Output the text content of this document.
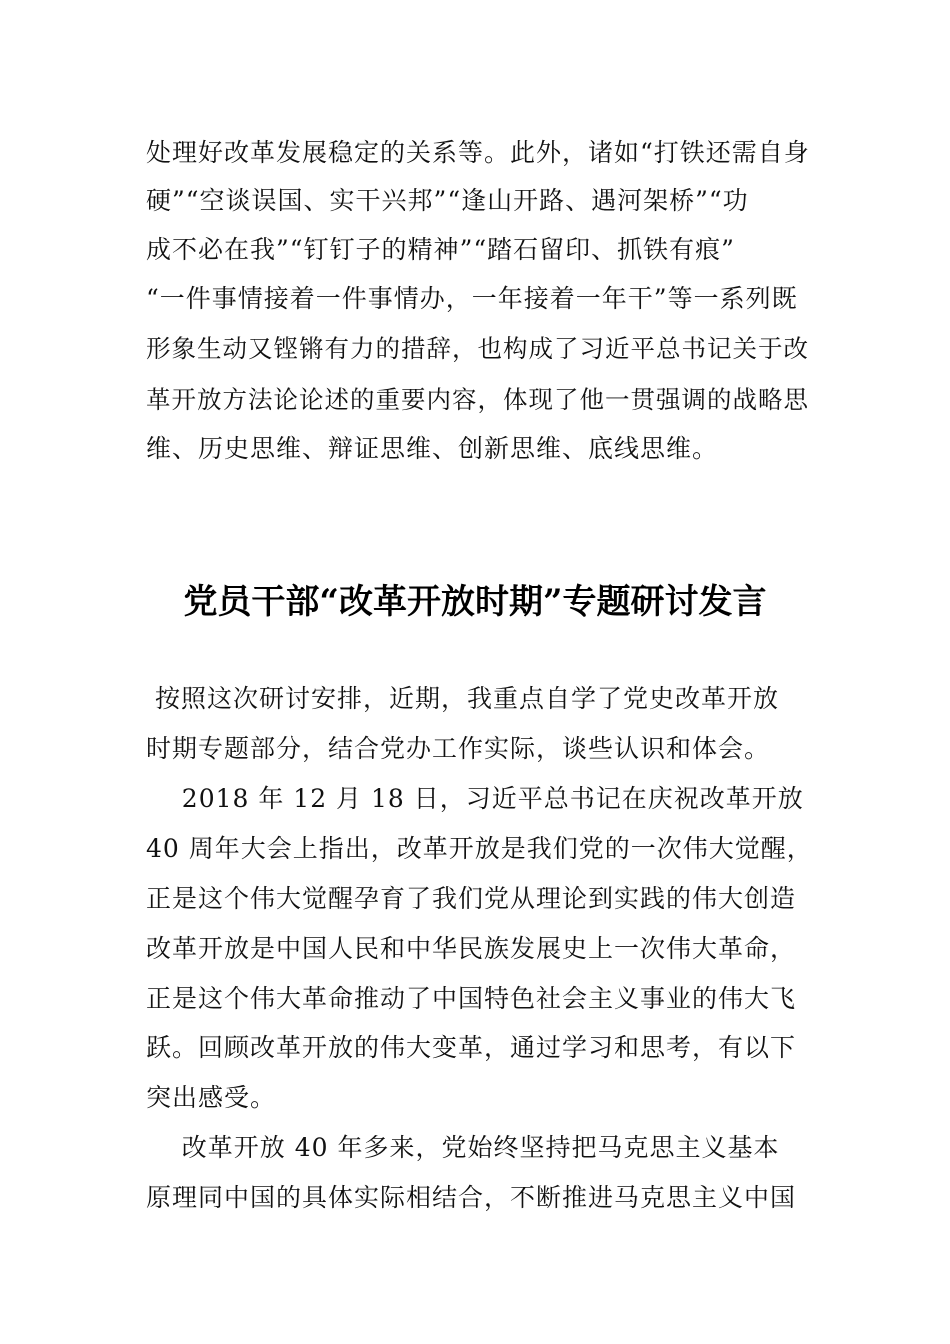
处理好改革发展稳定的关系等。此外，诸如“打铁还需自身
硬”“空谈误国、实干兴邦”“逢山开路、遇河架桥”“功
成不必在我”“钉钉子的精神”“踏石留印、抓铁有痕”
“一件事情接着一件事情办，一年接着一年干”等一系列既
形象生动又铿锵有力的措辞，也构成了习近平总书记关于改
革开放方法论论述的重要内容，体现了他一贯强调的战略思
维、历史思维、辩证思维、创新思维、底线思维。
党员干部“改革开放时期”专题研讨发言
按照这次研讨安排，近期，我重点自学了党史改革开放
时期专题部分，结合党办工作实际，谈些认识和体会。
2018 年 12 月 18 日，习近平总书记在庆祝改革开放
40 周年大会上指出，改革开放是我们党的一次伟大觉醒，
正是这个伟大觉醒孕育了我们党从理论到实践的伟大创造
改革开放是中国人民和中华民族发展史上一次伟大革命，
正是这个伟大革命推动了中国特色社会主义事业的伟大飞
跃。回顾改革开放的伟大变革，通过学习和思考，有以下
突出感受。
改革开放 40 年多来，党始终坚持把马克思主义基本
原理同中国的具体实际相结合，不断推进马克思主义中国
